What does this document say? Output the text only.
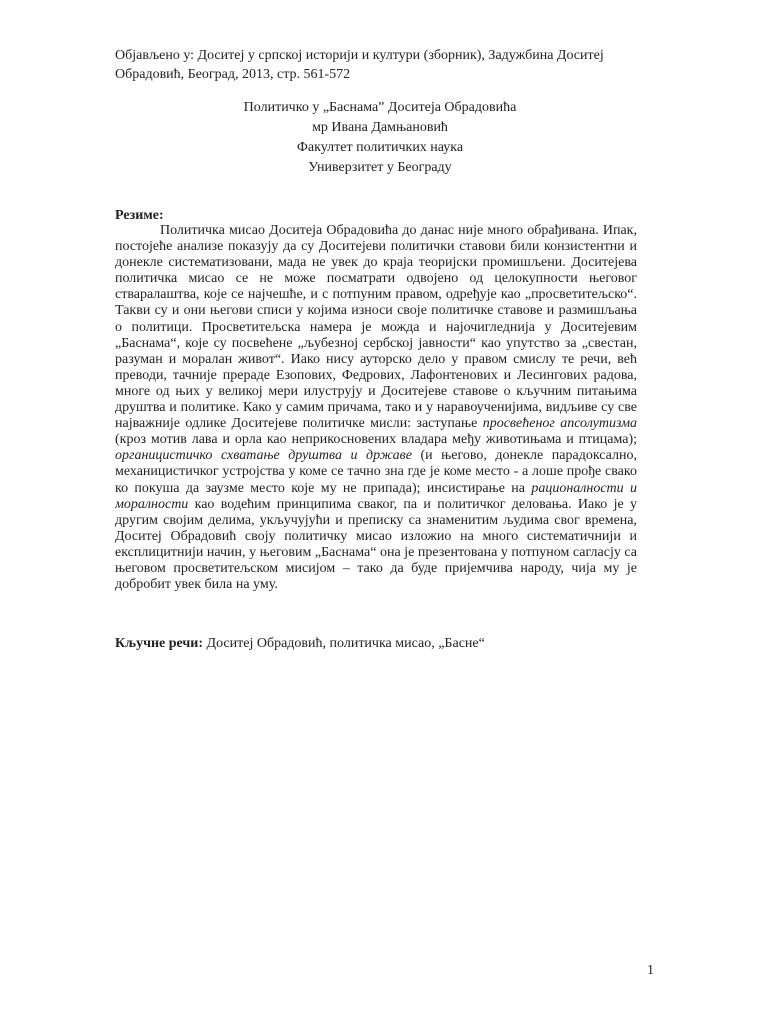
Објављено у: Доситеј у српској историји и култури (зборник), Задужбина Доситеј Обрадовић, Београд, 2013, стр. 561-572
Политичко у „Баснама” Доситеја Обрадовића
мр Ивана Дамњановић
Факултет политичких наука
Универзитет у Београду
Резиме:

Политичка мисао Доситеја Обрадовића до данас није много обрађивана. Ипак, постојеће анализе показују да су Доситејеви политички ставови били конзистентни и донекле систематизовани, мада не увек до краја теоријски промишљени. Доситејева политичка мисао се не може посматрати одвојено од целокупности његовог стваралаштва, које се најчешће, и с потпуним правом, одређује као „просветитељско“. Такви су и они његови списи у којима износи своје политичке ставове и размишљања о политици. Просветитељска намера је можда и најочигледнија у Доситејевим „Баснама“, које су посвећене „љубезној сербској јавности“ као упутство за „свестан, разуман и моралан живот“. Иако нису ауторско дело у правом смислу те речи, већ преводи, тачније прераде Езопових, Федрових, Лафонтенових и Лесингових радова, многе од њих у великој мери илуструју и Доситејеве ставове о кључним питањима друштва и политике. Како у самим причама, тако и у наравоученијима, видљиве су све најважније одлике Доситејеве политичке мисли: заступање просвећеног апсолутизма (кроз мотив лава и орла као неприкосновених владара међу животињама и птицама); органицистичко схватање друштва и државе (и његово, донекле парадоксално, механицистичког устројства у коме се тачно зна где је коме место - а лоше прође свако ко покуша да заузме место које му не припада); инсистирање на рационалности и моралности као водећим принципима сваког, па и политичког деловања. Иако је у другим својим делима, укључујући и преписку са знаменитим људима свог времена, Доситеј Обрадовић своју политичку мисао изложио на много систематичнији и експлицитнији начин, у његовим „Баснама“ она је презентована у потпуном сагласју са његовом просветитељском мисијом – тако да буде пријемчива народу, чија му је добробит увек била на уму.

Кључне речи: Доситеј Обрадовић, политичка мисао, „Басне“
1
